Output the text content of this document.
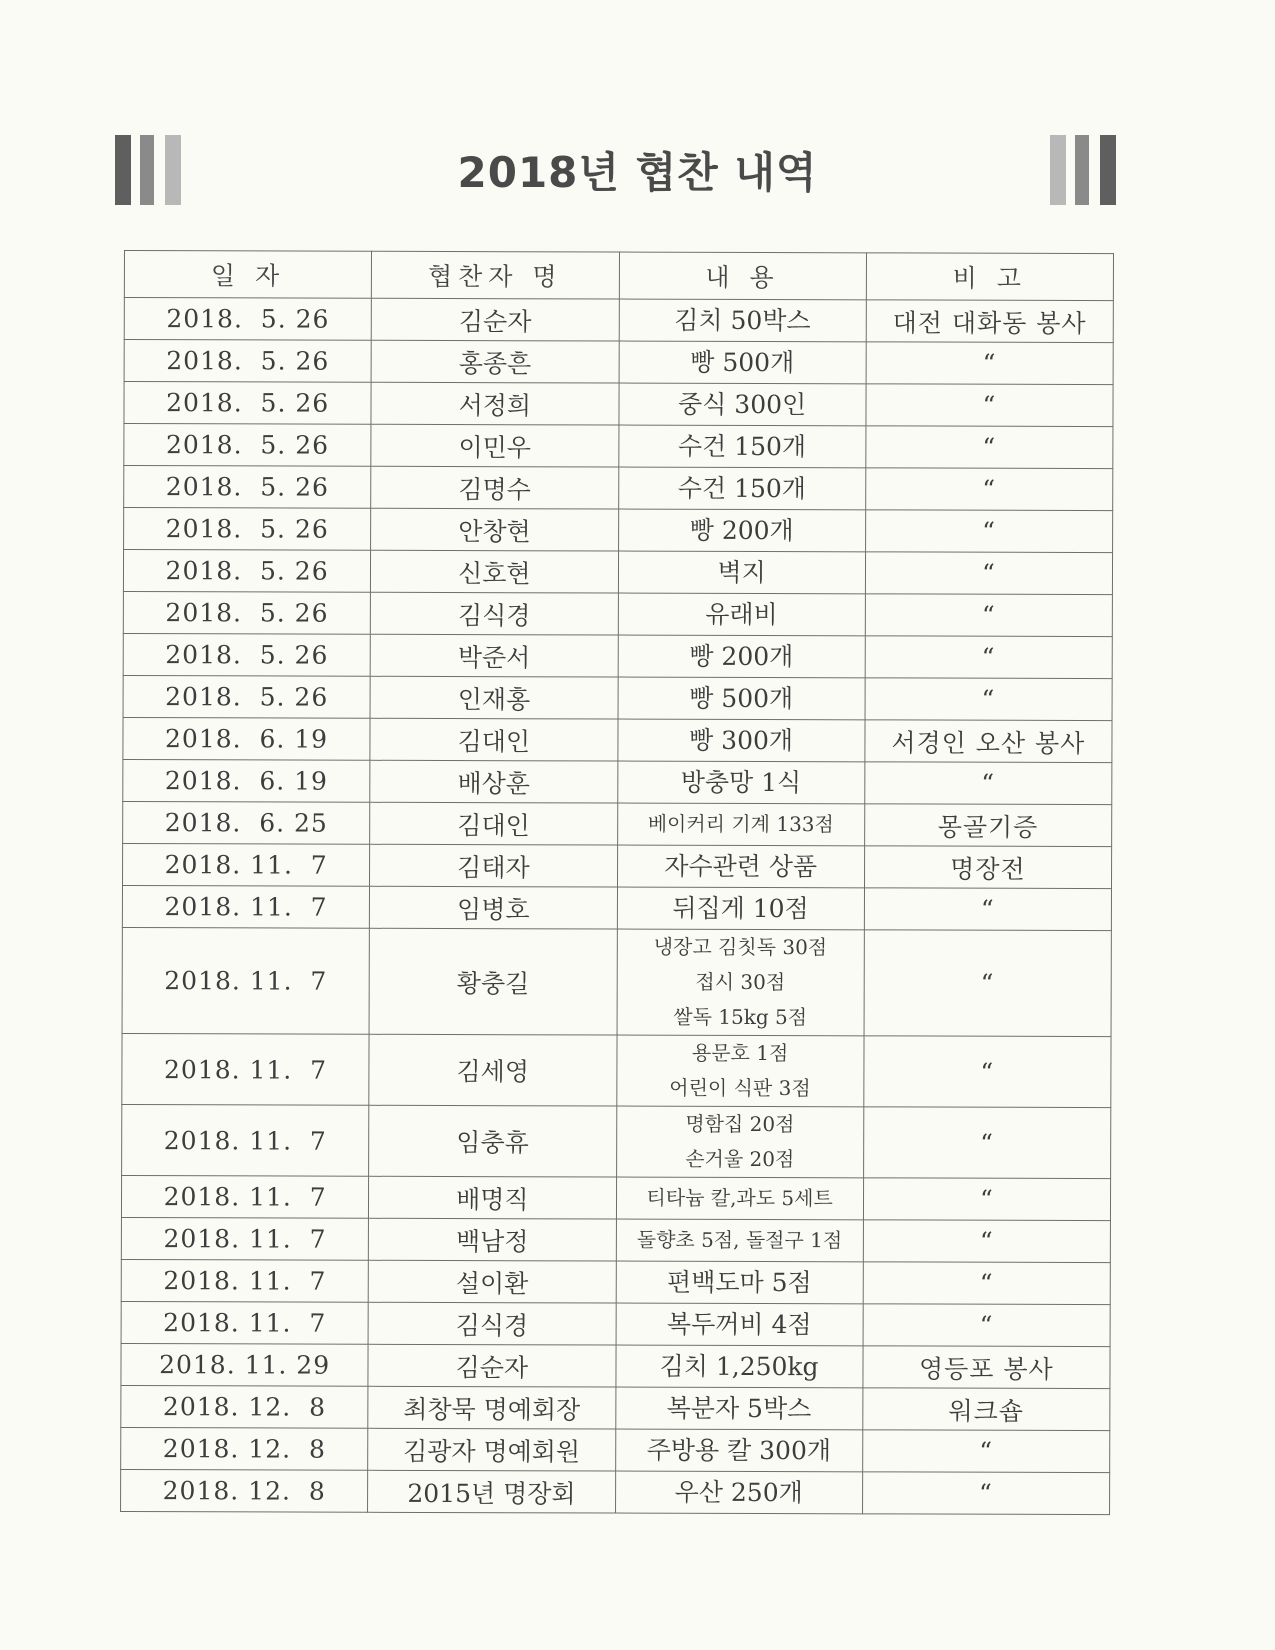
2018년 협찬 내역
일 자	협찬자 명	내 용	비 고
2018.  5. 26	김순자	김치 50박스	대전 대화동 봉사
2018.  5. 26	홍종흔	빵 500개	“
2018.  5. 26	서정희	중식 300인	“
2018.  5. 26	이민우	수건 150개	“
2018.  5. 26	김명수	수건 150개	“
2018.  5. 26	안창현	빵 200개	“
2018.  5. 26	신호현	벽지	“
2018.  5. 26	김식경	유래비	“
2018.  5. 26	박준서	빵 200개	“
2018.  5. 26	인재홍	빵 500개	“
2018.  6. 19	김대인	빵 300개	서경인 오산 봉사
2018.  6. 19	배상훈	방충망 1식	“
2018.  6. 25	김대인	베이커리 기계 133점	몽골기증
2018. 11.  7	김태자	자수관련 상품	명장전
2018. 11.  7	임병호	뒤집게 10점	“
2018. 11.  7	황충길	냉장고 김칫독 30점
접시 30점
쌀독 15kg 5점	“
2018. 11.  7	김세영	용문호 1점
어린이 식판 3점	“
2018. 11.  7	임충휴	명함집 20점
손거울 20점	“
2018. 11.  7	배명직	티타늄 칼,과도 5세트	“
2018. 11.  7	백남정	돌향초 5점, 돌절구 1점	“
2018. 11.  7	설이환	편백도마 5점	“
2018. 11.  7	김식경	복두꺼비 4점	“
2018. 11. 29	김순자	김치 1,250kg	영등포 봉사
2018. 12.  8	최창묵 명예회장	복분자 5박스	워크숍
2018. 12.  8	김광자 명예회원	주방용 칼 300개	“
2018. 12.  8	2015년 명장회	우산 250개	“
